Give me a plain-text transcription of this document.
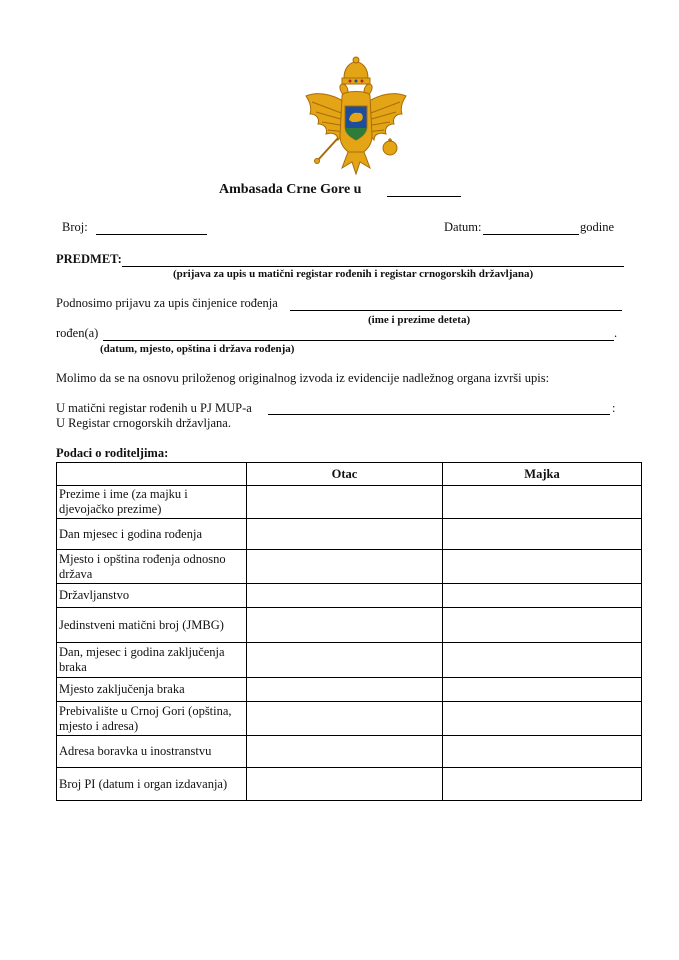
Ambasada Crne Gore u
Broj:	Datum:	godine
PREDMET:
(prijava za upis u matični registar rođenih i registar crnogorskih državljana)
Podnosimo prijavu za upis činjenice rođenja
(ime i prezime deteta)
rođen(a)	.
(datum, mjesto, opština i država rođenja)
Molimo da se na osnovu priloženog originalnog izvoda iz evidencije nadležnog organa izvrši upis:
U matični registar rođenih u PJ MUP-a	:
U Registar crnogorskih državljana.
Podaci o roditeljima:
	Otac	Majka
Prezime i ime (za majku i djevojačko prezime)		
Dan mjesec i godina rođenja		
Mjesto i opština rođenja odnosno država		
Državljanstvo		
Jedinstveni matični broj (JMBG)		
Dan, mjesec i godina zaključenja braka		
Mjesto zaključenja braka		
Prebivalište u Crnoj Gori (opština, mjesto i adresa)		
Adresa boravka u inostranstvu		
Broj PI (datum i organ izdavanja)		
